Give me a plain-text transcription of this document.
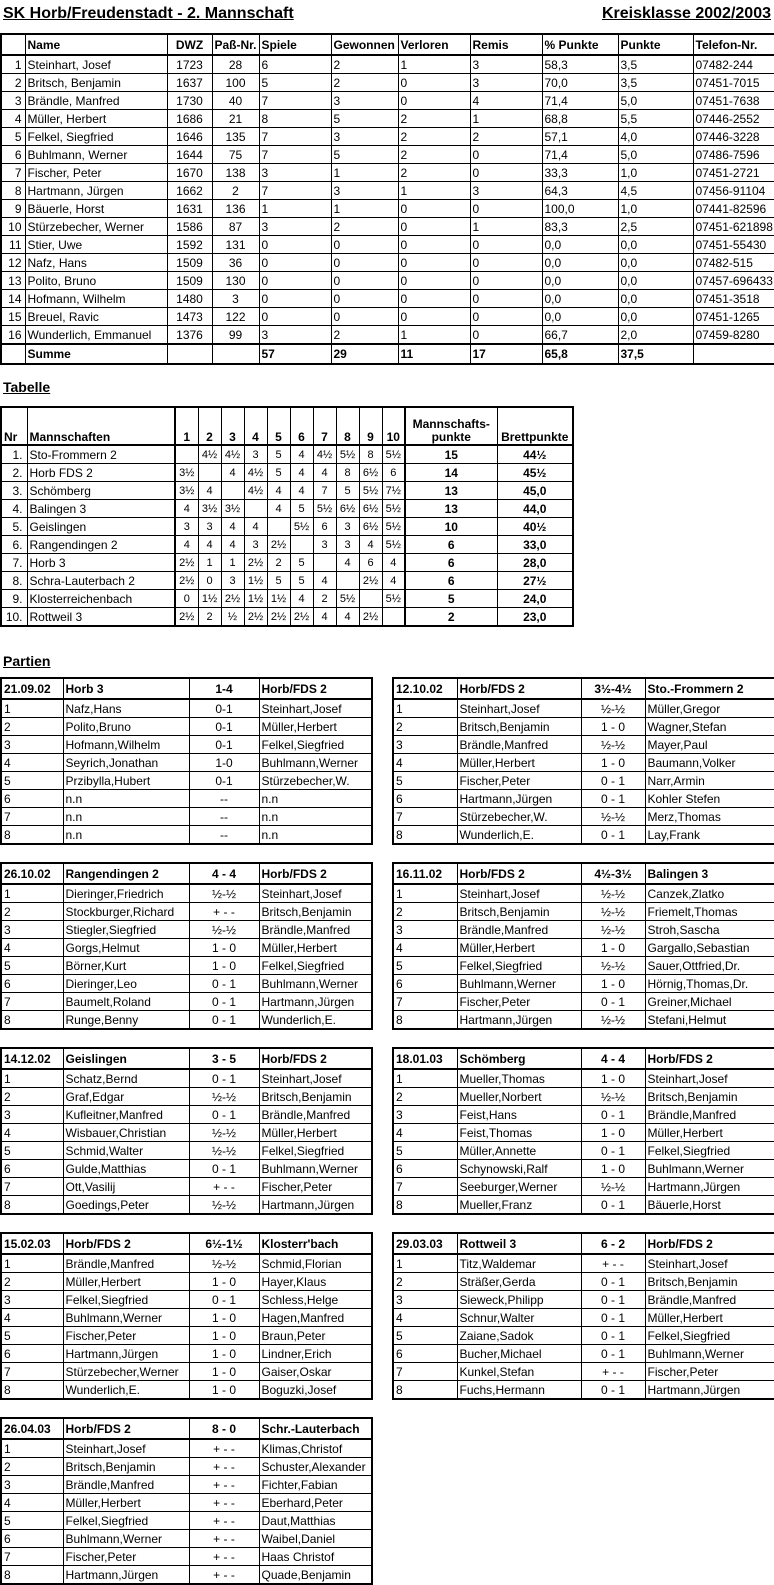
SK Horb/Freudenstadt - 2. Mannschaft	Kreisklasse 2002/2003
	Name	DWZ	Paß-Nr.	Spiele	Gewonnen	Verloren	Remis	% Punkte	Punkte	Telefon-Nr.
1	Steinhart, Josef	1723	28	6	2	1	3	58,3	3,5	07482-244
2	Britsch, Benjamin	1637	100	5	2	0	3	70,0	3,5	07451-7015
3	Brändle, Manfred	1730	40	7	3	0	4	71,4	5,0	07451-7638
4	Müller, Herbert	1686	21	8	5	2	1	68,8	5,5	07446-2552
5	Felkel, Siegfried	1646	135	7	3	2	2	57,1	4,0	07446-3228
6	Buhlmann, Werner	1644	75	7	5	2	0	71,4	5,0	07486-7596
7	Fischer, Peter	1670	138	3	1	2	0	33,3	1,0	07451-2721
8	Hartmann, Jürgen	1662	2	7	3	1	3	64,3	4,5	07456-91104
9	Bäuerle, Horst	1631	136	1	1	0	0	100,0	1,0	07441-82596
10	Stürzebecher, Werner	1586	87	3	2	0	1	83,3	2,5	07451-621898
11	Stier, Uwe	1592	131	0	0	0	0	0,0	0,0	07451-55430
12	Nafz, Hans	1509	36	0	0	0	0	0,0	0,0	07482-515
13	Polito, Bruno	1509	130	0	0	0	0	0,0	0,0	07457-696433
14	Hofmann, Wilhelm	1480	3	0	0	0	0	0,0	0,0	07451-3518
15	Breuel, Ravic	1473	122	0	0	0	0	0,0	0,0	07451-1265
16	Wunderlich, Emmanuel	1376	99	3	2	1	0	66,7	2,0	07459-8280
	Summe			57	29	11	17	65,8	37,5	
Tabelle
Nr	Mannschaften	1	2	3	4	5	6	7	8	9	10	Mannschafts-
punkte	Brettpunkte
1.	Sto-Frommern 2		4½	4½	3	5	4	4½	5½	8	5½	15	44½
2.	Horb FDS 2	3½		4	4½	5	4	4	8	6½	6	14	45½
3.	Schömberg	3½	4		4½	4	4	7	5	5½	7½	13	45,0
4.	Balingen 3	4	3½	3½		4	5	5½	6½	6½	5½	13	44,0
5.	Geislingen	3	3	4	4		5½	6	3	6½	5½	10	40½
6.	Rangendingen 2	4	4	4	3	2½		3	3	4	5½	6	33,0
7.	Horb 3	2½	1	1	2½	2	5		4	6	4	6	28,0
8.	Schra-Lauterbach 2	2½	0	3	1½	5	5	4		2½	4	6	27½
9.	Klosterreichenbach	0	1½	2½	1½	1½	4	2	5½		5½	5	24,0
10.	Rottweil 3	2½	2	½	2½	2½	2½	4	4	2½		2	23,0
Partien
21.09.02	Horb 3	1-4	Horb/FDS 2
1	Nafz,Hans	0-1	Steinhart,Josef
2	Polito,Bruno	0-1	Müller,Herbert
3	Hofmann,Wilhelm	0-1	Felkel,Siegfried
4	Seyrich,Jonathan	1-0	Buhlmann,Werner
5	Przibylla,Hubert	0-1	Stürzebecher,W.
6	n.n	--	n.n
7	n.n	--	n.n
8	n.n	--	n.n
12.10.02	Horb/FDS 2	3½-4½	Sto.-Frommern 2
1	Steinhart,Josef	½-½	Müller,Gregor
2	Britsch,Benjamin	1 - 0	Wagner,Stefan
3	Brändle,Manfred	½-½	Mayer,Paul
4	Müller,Herbert	1 - 0	Baumann,Volker
5	Fischer,Peter	0 - 1	Narr,Armin
6	Hartmann,Jürgen	0 - 1	Kohler Stefen
7	Stürzebecher,W.	½-½	Merz,Thomas
8	Wunderlich,E.	0 - 1	Lay,Frank
26.10.02	Rangendingen 2	4 - 4	Horb/FDS 2
1	Dieringer,Friedrich	½-½	Steinhart,Josef
2	Stockburger,Richard	+ - -	Britsch,Benjamin
3	Stiegler,Siegfried	½-½	Brändle,Manfred
4	Gorgs,Helmut	1 - 0	Müller,Herbert
5	Börner,Kurt	1 - 0	Felkel,Siegfried
6	Dieringer,Leo	0 - 1	Buhlmann,Werner
7	Baumelt,Roland	0 - 1	Hartmann,Jürgen
8	Runge,Benny	0 - 1	Wunderlich,E.
16.11.02	Horb/FDS 2	4½-3½	Balingen 3
1	Steinhart,Josef	½-½	Canzek,Zlatko
2	Britsch,Benjamin	½-½	Friemelt,Thomas
3	Brändle,Manfred	½-½	Stroh,Sascha
4	Müller,Herbert	1 - 0	Gargallo,Sebastian
5	Felkel,Siegfried	½-½	Sauer,Ottfried,Dr.
6	Buhlmann,Werner	1 - 0	Hörnig,Thomas,Dr.
7	Fischer,Peter	0 - 1	Greiner,Michael
8	Hartmann,Jürgen	½-½	Stefani,Helmut
14.12.02	Geislingen	3 - 5	Horb/FDS 2
1	Schatz,Bernd	0 - 1	Steinhart,Josef
2	Graf,Edgar	½-½	Britsch,Benjamin
3	Kufleitner,Manfred	0 - 1	Brändle,Manfred
4	Wisbauer,Christian	½-½	Müller,Herbert
5	Schmid,Walter	½-½	Felkel,Siegfried
6	Gulde,Matthias	0 - 1	Buhlmann,Werner
7	Ott,Vasilij	+ - -	Fischer,Peter
8	Goedings,Peter	½-½	Hartmann,Jürgen
18.01.03	Schömberg	4 - 4	Horb/FDS 2
1	Mueller,Thomas	1 - 0	Steinhart,Josef
2	Mueller,Norbert	½-½	Britsch,Benjamin
3	Feist,Hans	0 - 1	Brändle,Manfred
4	Feist,Thomas	1 - 0	Müller,Herbert
5	Müller,Annette	0 - 1	Felkel,Siegfried
6	Schynowski,Ralf	1 - 0	Buhlmann,Werner
7	Seeburger,Werner	½-½	Hartmann,Jürgen
8	Mueller,Franz	0 - 1	Bäuerle,Horst
15.02.03	Horb/FDS 2	6½-1½	Klosterr'bach
1	Brändle,Manfred	½-½	Schmid,Florian
2	Müller,Herbert	1 - 0	Hayer,Klaus
3	Felkel,Siegfried	0 - 1	Schless,Helge
4	Buhlmann,Werner	1 - 0	Hagen,Manfred
5	Fischer,Peter	1 - 0	Braun,Peter
6	Hartmann,Jürgen	1 - 0	Lindner,Erich
7	Stürzebecher,Werner	1 - 0	Gaiser,Oskar
8	Wunderlich,E.	1 - 0	Boguzki,Josef
29.03.03	Rottweil 3	6 - 2	Horb/FDS 2
1	Titz,Waldemar	+ - -	Steinhart,Josef
2	Sträßer,Gerda	0 - 1	Britsch,Benjamin
3	Sieweck,Philipp	0 - 1	Brändle,Manfred
4	Schnur,Walter	0 - 1	Müller,Herbert
5	Zaiane,Sadok	0 - 1	Felkel,Siegfried
6	Bucher,Michael	0 - 1	Buhlmann,Werner
7	Kunkel,Stefan	+ - -	Fischer,Peter
8	Fuchs,Hermann	0 - 1	Hartmann,Jürgen
26.04.03	Horb/FDS 2	8 - 0	Schr.-Lauterbach
1	Steinhart,Josef	+ - -	Klimas,Christof
2	Britsch,Benjamin	+ - -	Schuster,Alexander
3	Brändle,Manfred	+ - -	Fichter,Fabian
4	Müller,Herbert	+ - -	Eberhard,Peter
5	Felkel,Siegfried	+ - -	Daut,Matthias
6	Buhlmann,Werner	+ - -	Waibel,Daniel
7	Fischer,Peter	+ - -	Haas Christof
8	Hartmann,Jürgen	+ - -	Quade,Benjamin
